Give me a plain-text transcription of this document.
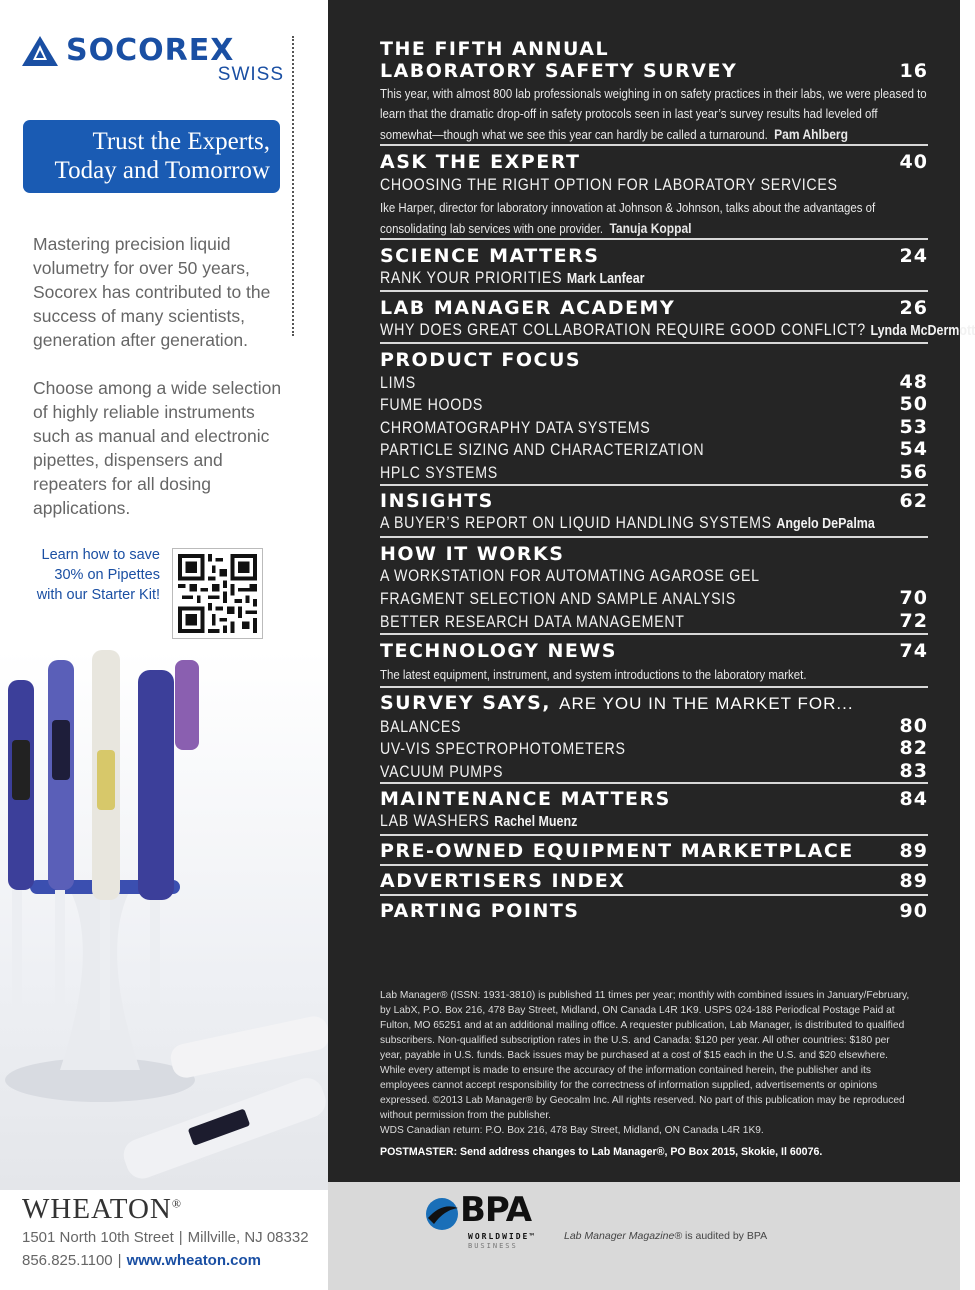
SOCOREX
SWISS
Trust the Experts,
Today and Tomorrow

Mastering precision liquid volumetry for over 50 years, Socorex has contributed to the success of many scientists, generation after generation.

Choose among a wide selection of highly reliable instruments such as manual and electronic pipettes, dispensers and repeaters for all dosing applications.

Learn how to save
30% on Pipettes
with our Starter Kit!
WHEATON®
1501 North 10th Street | Millville, NJ 08332
856.825.1100 | www.wheaton.com
THE FIFTH ANNUAL
LABORATORY SAFETY SURVEY	16
This year, with almost 800 lab professionals weighing in on safety practices in their labs, we were pleased to learn that the dramatic drop-off in safety protocols seen in last year’s survey results had leveled off somewhat—though what we see this year can hardly be called a turnaround. Pam Ahlberg
ASK THE EXPERT	40
CHOOSING THE RIGHT OPTION FOR LABORATORY SERVICES
Ike Harper, director for laboratory innovation at Johnson & Johnson, talks about the advantages of consolidating lab services with one provider. Tanuja Koppal
SCIENCE MATTERS	24
RANK YOUR PRIORITIES Mark Lanfear
LAB MANAGER ACADEMY	26
WHY DOES GREAT COLLABORATION REQUIRE GOOD CONFLICT? Lynda McDermott
PRODUCT FOCUS
LIMS	48
FUME HOODS	50
CHROMATOGRAPHY DATA SYSTEMS	53
PARTICLE SIZING AND CHARACTERIZATION	54
HPLC SYSTEMS	56
INSIGHTS	62
A BUYER’S REPORT ON LIQUID HANDLING SYSTEMS Angelo DePalma
HOW IT WORKS
A WORKSTATION FOR AUTOMATING AGAROSE GEL
FRAGMENT SELECTION AND SAMPLE ANALYSIS	70
BETTER RESEARCH DATA MANAGEMENT	72
TECHNOLOGY NEWS	74
The latest equipment, instrument, and system introductions to the laboratory market.
SURVEY SAYS, ARE YOU IN THE MARKET FOR...
BALANCES	80
UV-VIS SPECTROPHOTOMETERS	82
VACUUM PUMPS	83
MAINTENANCE MATTERS	84
LAB WASHERS Rachel Muenz
PRE-OWNED EQUIPMENT MARKETPLACE 89
ADVERTISERS INDEX	89
PARTING POINTS	90
Lab Manager® (ISSN: 1931-3810) is published 11 times per year; monthly with combined issues in January/February, by LabX, P.O. Box 216, 478 Bay Street, Midland, ON Canada L4R 1K9. USPS 024-188 Periodical Postage Paid at Fulton, MO 65251 and at an additional mailing office. A requester publication, Lab Manager, is distributed to qualified subscribers. Non-qualified subscription rates in the U.S. and Canada: $120 per year. All other countries: $180 per year, payable in U.S. funds. Back issues may be purchased at a cost of $15 each in the U.S. and $20 elsewhere. While every attempt is made to ensure the accuracy of the information contained herein, the publisher and its employees cannot accept responsibility for the correctness of information supplied, advertisements or opinions expressed. ©2013 Lab Manager® by Geocalm Inc. All rights reserved. No part of this publication may be reproduced without permission from the publisher.
WDS Canadian return: P.O. Box 216, 478 Bay Street, Midland, ON Canada L4R 1K9.
POSTMASTER: Send address changes to Lab Manager®, PO Box 2015, Skokie, Il 60076.
BPA
WORLDWIDE™
BUSINESS
Lab Manager Magazine® is audited by BPA
